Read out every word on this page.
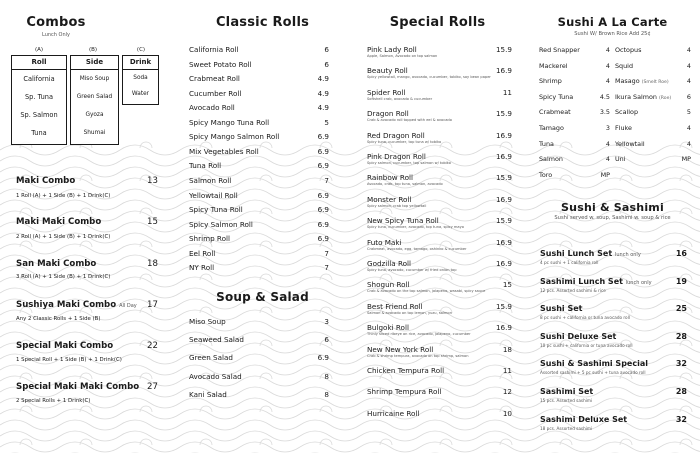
Combos
Lunch Only
(A)	(B)	(C)
Roll
California
Sp. Tuna
Sp. Salmon
Tuna
Side
Miso Soup
Green Salad
Gyoza
Shumai
Drink
Soda
Water
Maki Combo	13
1 Roll (A) + 1 Side (B) + 1 Drink(C)
Maki Maki Combo	15
2 Roll (A) + 1 Side (B) + 1 Drink(C)
San Maki Combo	18
3 Roll (A) + 1 Side (B) + 1 Drink(C)
Sushiya Maki Combo All Day 17
Any 2 Classic Rolls + 1 Side (B)
Special Maki Combo	22
1 Special Roll + 1 Side (B) + 1 Drink(C)
Special Maki Maki Combo 27
2 Special Rolls + 1 Drink(C)
Classic Rolls
California Roll	6
Sweet Potato Roll	6
Crabmeat Roll	4.9
Cucumber Roll	4.9
Avocado Roll	4.9
Spicy Mango Tuna Roll	5
Spicy Mango Salmon Roll	6.9
Mix Vegetables Roll	6.9
Tuna Roll	6.9
Salmon Roll	7
Yellowtail Roll	6.9
Spicy Tuna Roll	6.9
Spicy Salmon Roll	6.9
Shrimp Roll	6.9
Eel Roll	7
NY Roll	7
Soup & Salad
Miso Soup	3
Seaweed Salad	6
Green Salad	6.9
Avocado Salad	8
Kani Salad	8
Special Rolls
Pink Lady Roll	15.9
Apple, Salmon, Avocado on top salmon
Beauty Roll	16.9
Spicy yellowtail, mango, avocado, cucumber, tobiko, soy bean paper
Spider Roll	11
Softshell crab, avocado & cucumber
Dragon Roll	15.9
Crab & avocado roll topped with eel & avocado
Red Dragon Roll	16.9
Spicy tuna, cucumber, top tuna w/ tobiko
Pink Dragon Roll	16.9
Spicy salmon, cucumber, top salmon w/ tobiko
Rainbow Roll	15.9
Avocado, crab, top tuna, salmon, avocado
Monster Roll	16.9
Spicy salmon, crab top yellowtail
New Spicy Tuna Roll	15.9
Spicy tuna, cucumber, avocado, top tuna, spicy mayo
Futo Maki	16.9
Crabmeat, avocado, egg, tamago, oshinko & cucumber
Godzilla Roll	16.9
Spicy tuna, avocado, cucumber w/ fried onion top
Shogun Roll	15
Crab & avocado on the top salmon, jalapeno, wasabi, spicy sauce
Best Friend Roll	15.9
Salmon & avocado on top lemon, yuzu, salmon
Bulgoki Roll	16.9
Thinly sliced ribeye on rice, avocado, jalapeno, cucumber
New New York Roll	18
Crab & shrimp tempura, avocado on top shrimp, salmon
Chicken Tempura Roll	11
Shrimp Tempura Roll	12
Hurricaine Roll	10
Sushi A La Carte
Sushi W/ Brown Rice Add 25¢
Red Snapper	4
Mackerel	4
Shrimp	4
Spicy Tuna	4.5
Crabmeat	3.5
Tamago	3
Tuna	4
Salmon	4
Toro	MP
Octopus	4
Squid	4
Masago (Smelt Roe)	4
Ikura Salmon (Roe)	6
Scallop	5
Fluke	4
Yellowtail	4
Uni	MP
Sushi & Sashimi
Sushi served w. soup, Sashimi w. soup & rice
Sushi Lunch Set lunch only	16
4 pc sushi + 1 california roll
Sashimi Lunch Set lunch only	19
12 pcs. Assorted sashimi & rice
Sushi Set	25
8 pc sushi + california or tuna avocado roll
Sushi Deluxe Set	28
10 pc sushi + california or tuna avocado roll
Sushi & Sashimi Special	32
Assorted sashimi + 5 pc sushi + tuna avocado roll
Sashimi Set	28
15 pcs. Assorted sashimi
Sashimi Deluxe Set	32
18 pcs. Assorted sashimi
